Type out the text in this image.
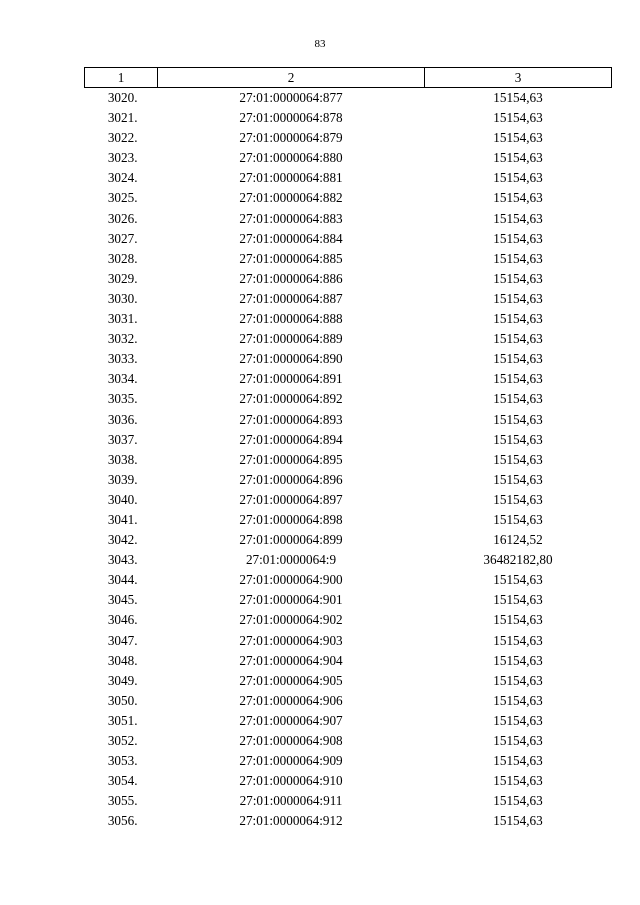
83
1	2	3
3020.	27:01:0000064:877	15154,63
3021.	27:01:0000064:878	15154,63
3022.	27:01:0000064:879	15154,63
3023.	27:01:0000064:880	15154,63
3024.	27:01:0000064:881	15154,63
3025.	27:01:0000064:882	15154,63
3026.	27:01:0000064:883	15154,63
3027.	27:01:0000064:884	15154,63
3028.	27:01:0000064:885	15154,63
3029.	27:01:0000064:886	15154,63
3030.	27:01:0000064:887	15154,63
3031.	27:01:0000064:888	15154,63
3032.	27:01:0000064:889	15154,63
3033.	27:01:0000064:890	15154,63
3034.	27:01:0000064:891	15154,63
3035.	27:01:0000064:892	15154,63
3036.	27:01:0000064:893	15154,63
3037.	27:01:0000064:894	15154,63
3038.	27:01:0000064:895	15154,63
3039.	27:01:0000064:896	15154,63
3040.	27:01:0000064:897	15154,63
3041.	27:01:0000064:898	15154,63
3042.	27:01:0000064:899	16124,52
3043.	27:01:0000064:9	36482182,80
3044.	27:01:0000064:900	15154,63
3045.	27:01:0000064:901	15154,63
3046.	27:01:0000064:902	15154,63
3047.	27:01:0000064:903	15154,63
3048.	27:01:0000064:904	15154,63
3049.	27:01:0000064:905	15154,63
3050.	27:01:0000064:906	15154,63
3051.	27:01:0000064:907	15154,63
3052.	27:01:0000064:908	15154,63
3053.	27:01:0000064:909	15154,63
3054.	27:01:0000064:910	15154,63
3055.	27:01:0000064:911	15154,63
3056.	27:01:0000064:912	15154,63
